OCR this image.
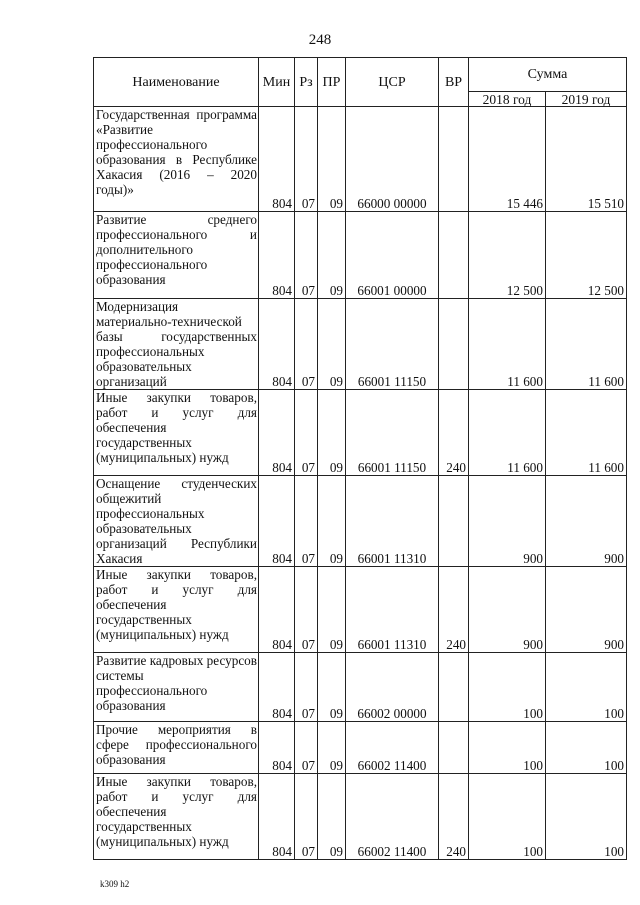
248
Наименование	Мин	Рз	ПР	ЦСР	ВР	Сумма	
						2018 год	2019 год
Государственная программа «Развитие профессионального образования в Республике Хакасия (2016 – 2020 годы)»	804	07	09	66000 00000		15 446	15 510
Развитие среднего профессионального и дополнительного профессионального образования	804	07	09	66001 00000		12 500	12 500
Модернизация материально-технической базы государственных профессиональных образовательных организаций	804	07	09	66001 11150		11 600	11 600
Иные закупки товаров, работ и услуг для обеспечения государственных (муниципальных) нужд	804	07	09	66001 11150	240	11 600	11 600
Оснащение студенческих общежитий профессиональных образовательных организаций Республики Хакасия	804	07	09	66001 11310		900	900
Иные закупки товаров, работ и услуг для обеспечения государственных (муниципальных) нужд	804	07	09	66001 11310	240	900	900
Развитие кадровых ресурсов системы профессионального образования	804	07	09	66002 00000		100	100
Прочие мероприятия в сфере профессионального образования	804	07	09	66002 11400		100	100
Иные закупки товаров, работ и услуг для обеспечения государственных (муниципальных) нужд	804	07	09	66002 11400	240	100	100
k309 h2
